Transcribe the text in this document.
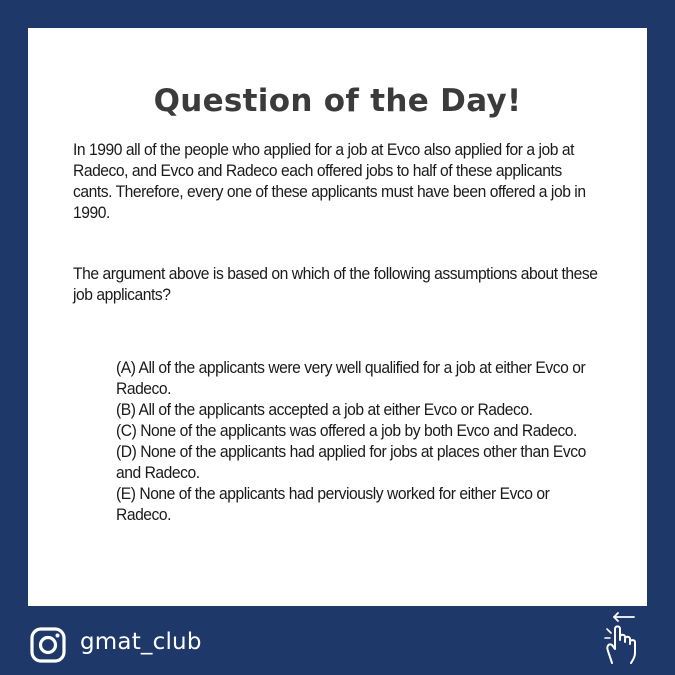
Question of the Day!

In 1990 all of the people who applied for a job at Evco also applied for a job at Radeco, and Evco and Radeco each offered jobs to half of these applicants cants. Therefore, every one of these applicants must have been offered a job in 1990.

The argument above is based on which of the following assumptions about these job applicants?

(A) All of the applicants were very well qualified for a job at either Evco or Radeco.
(B) All of the applicants accepted a job at either Evco or Radeco.
(C) None of the applicants was offered a job by both Evco and Radeco.
(D) None of the applicants had applied for jobs at places other than Evco and Radeco.
(E) None of the applicants had perviously worked for either Evco or Radeco.
gmat_club
